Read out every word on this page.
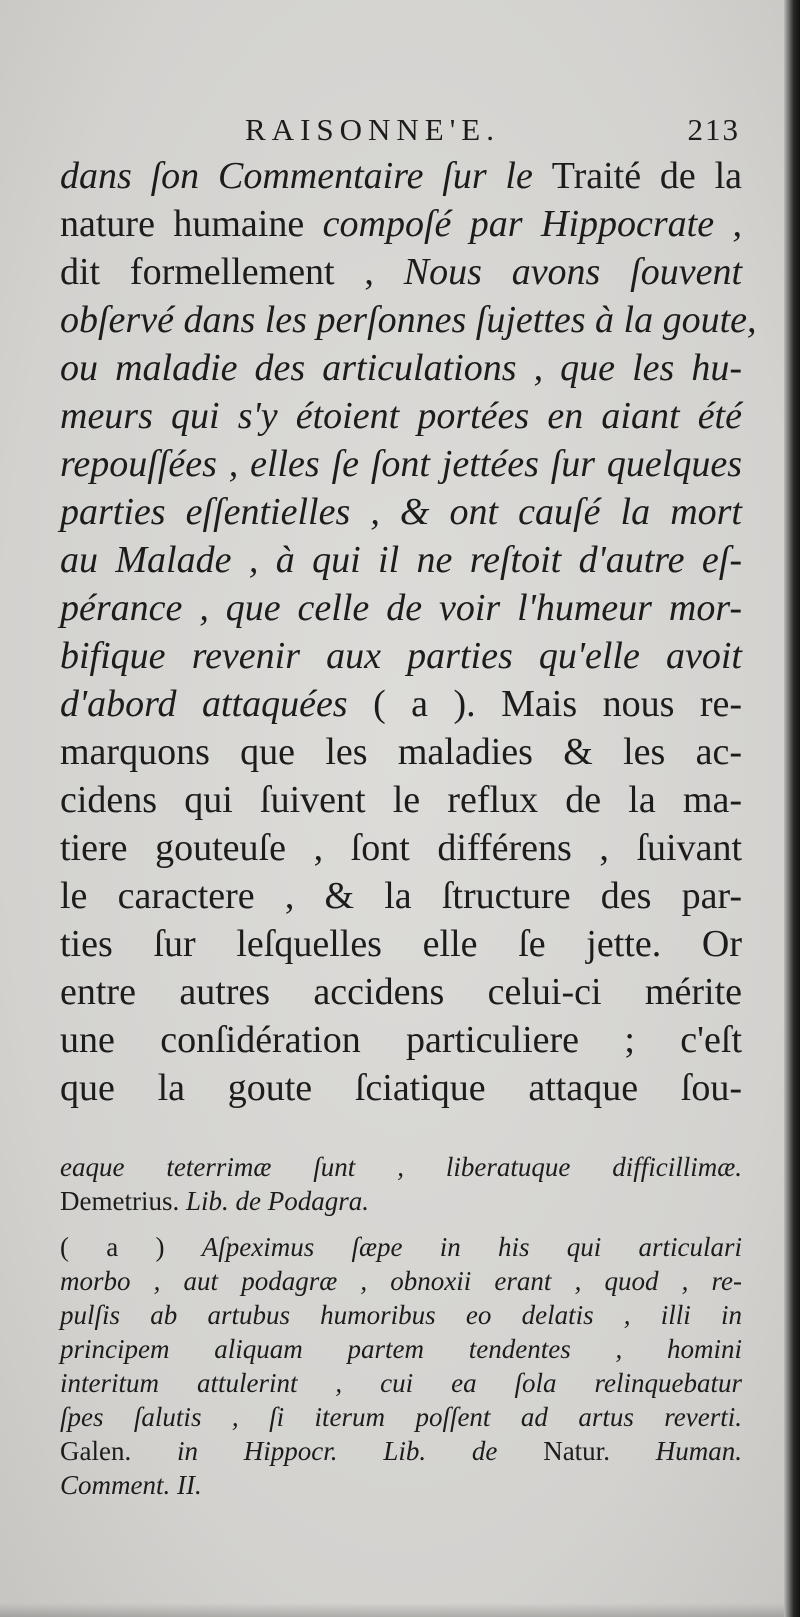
RAISONNE'E.	213
dans ſon Commentaire ſur le Traité de la
nature humaine compoſé par Hippocrate ,
dit formellement , Nous avons ſouvent
obſervé dans les perſonnes ſujettes à la goute,
ou maladie des articulations , que les hu-
meurs qui s'y étoient portées en aiant été
repouſſées , elles ſe ſont jettées ſur quelques
parties eſſentielles , & ont cauſé la mort
au Malade , à qui il ne reſtoit d'autre eſ-
pérance , que celle de voir l'humeur mor-
bifique revenir aux parties qu'elle avoit
d'abord attaquées ( a ). Mais nous re-
marquons que les maladies & les ac-
cidens qui ſuivent le reflux de la ma-
tiere gouteuſe , ſont différens , ſuivant
le caractere , & la ſtructure des par-
ties ſur leſquelles elle ſe jette. Or
entre autres accidens celui-ci mérite
une conſidération particuliere ; c'eſt
que la goute ſciatique attaque ſou-
eaque teterrimæ ſunt , liberatuque difficillimæ.
Demetrius. Lib. de Podagra.
( a ) Aſpeximus ſæpe in his qui articulari
morbo , aut podagræ , obnoxii erant , quod , re-
pulſis ab artubus humoribus eo delatis , illi in
principem aliquam partem tendentes , homini
interitum attulerint , cui ea ſola relinquebatur
ſpes ſalutis , ſi iterum poſſent ad artus reverti.
Galen. in Hippocr. Lib. de Natur. Human.
Comment. II.
